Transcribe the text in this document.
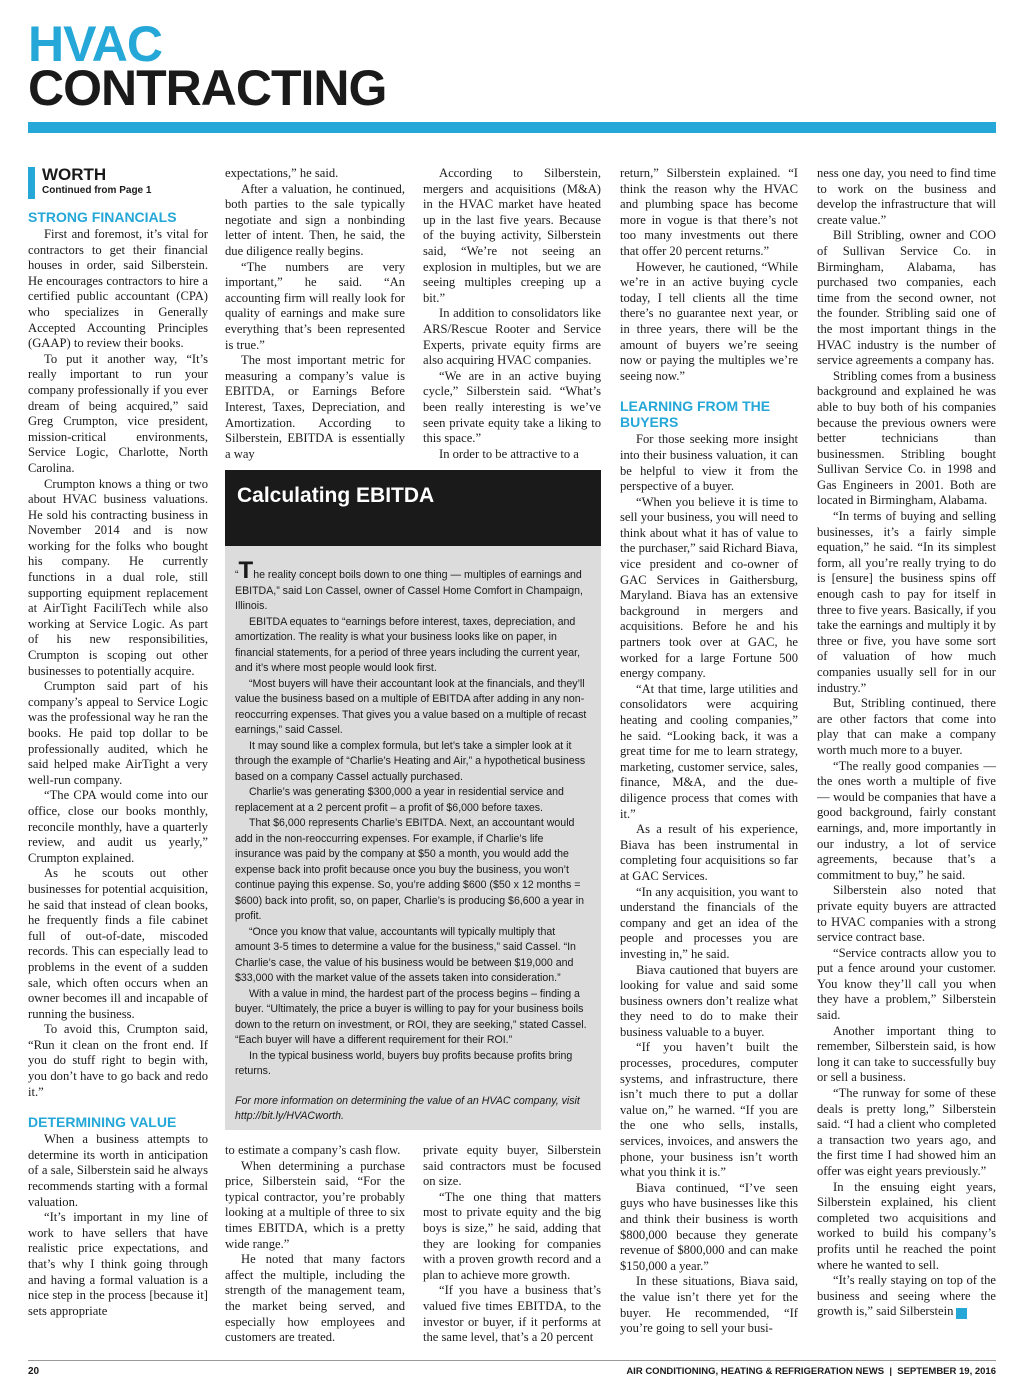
HVAC
CONTRACTING
WORTH
Continued from Page 1
STRONG FINANCIALS

First and foremost, it’s vital for contractors to get their financial houses in order, said Silberstein. He encourages contractors to hire a certified public accountant (CPA) who specializes in Generally Accepted Accounting Principles (GAAP) to review their books.

To put it another way, “It’s really important to run your company professionally if you ever dream of being acquired,” said Greg Crumpton, vice president, mission-critical environments, Service Logic, Charlotte, North Carolina.

Crumpton knows a thing or two about HVAC business valuations. He sold his contracting business in November 2014 and is now working for the folks who bought his company. He currently functions in a dual role, still supporting equipment replacement at AirTight FaciliTech while also working at Service Logic. As part of his new responsibilities, Crumpton is scoping out other businesses to potentially acquire.

Crumpton said part of his company’s appeal to Service Logic was the professional way he ran the books. He paid top dollar to be professionally audited, which he said helped make AirTight a very well-run company.

“The CPA would come into our office, close our books monthly, reconcile monthly, have a quarterly review, and audit us yearly,” Crumpton explained.

As he scouts out other businesses for potential acquisition, he said that instead of clean books, he frequently finds a file cabinet full of out-of-date, miscoded records. This can especially lead to problems in the event of a sudden sale, which often occurs when an owner becomes ill and incapable of running the business.

To avoid this, Crumpton said, “Run it clean on the front end. If you do stuff right to begin with, you don’t have to go back and redo it.”

DETERMINING VALUE

When a business attempts to determine its worth in anticipation of a sale, Silberstein said he always recommends starting with a formal valuation.

“It’s important in my line of work to have sellers that have realistic price expectations, and that’s why I think going through and having a formal valuation is a nice step in the process [because it] sets appropriate

expectations,” he said.

After a valuation, he continued, both parties to the sale typically negotiate and sign a nonbinding letter of intent. Then, he said, the due diligence really begins.

“The numbers are very important,” he said. “An accounting firm will really look for quality of earnings and make sure everything that’s been represented is true.”

The most important metric for measuring a company’s value is EBITDA, or Earnings Before Interest, Taxes, Depreciation, and Amortization. According to Silberstein, EBITDA is essentially a way

According to Silberstein, mergers and acquisitions (M&A) in the HVAC market have heated up in the last five years. Because of the buying activity, Silberstein said, “We’re not seeing an explosion in multiples, but we are seeing multiples creeping up a bit.”

In addition to consolidators like ARS/Rescue Rooter and Service Experts, private equity firms are also acquiring HVAC companies.

“We are in an active buying cycle,” Silberstein said. “What’s been really interesting is we’ve seen private equity take a liking to this space.”

In order to be attractive to a

Calculating EBITDA

“The reality concept boils down to one thing — multiples of earnings and EBITDA,” said Lon Cassel, owner of Cassel Home Comfort in Champaign, Illinois.

EBITDA equates to “earnings before interest, taxes, depreciation, and amortization. The reality is what your business looks like on paper, in financial statements, for a period of three years including the current year, and it’s where most people would look first.

“Most buyers will have their accountant look at the financials, and they’ll value the business based on a multiple of EBITDA after adding in any non-reoccurring expenses. That gives you a value based on a multiple of recast earnings,” said Cassel.

It may sound like a complex formula, but let’s take a simpler look at it through the example of “Charlie’s Heating and Air,” a hypothetical business based on a company Cassel actually purchased.

Charlie’s was generating $300,000 a year in residential service and replacement at a 2 percent profit – a profit of $6,000 before taxes.

That $6,000 represents Charlie’s EBITDA. Next, an accountant would add in the non-reoccurring expenses. For example, if Charlie’s life insurance was paid by the company at $50 a month, you would add the expense back into profit because once you buy the business, you won’t continue paying this expense. So, you’re adding $600 ($50 x 12 months = $600) back into profit, so, on paper, Charlie’s is producing $6,600 a year in profit.

“Once you know that value, accountants will typically multiply that amount 3-5 times to determine a value for the business,” said Cassel. “In Charlie’s case, the value of his business would be between $19,000 and $33,000 with the market value of the assets taken into consideration.”

With a value in mind, the hardest part of the process begins – finding a buyer. “Ultimately, the price a buyer is willing to pay for your business boils down to the return on investment, or ROI, they are seeking,” stated Cassel. “Each buyer will have a different requirement for their ROI.”

In the typical business world, buyers buy profits because profits bring returns.

For more information on determining the value of an HVAC company, visit http://bit.ly/HVACworth.

to estimate a company’s cash flow.

When determining a purchase price, Silberstein said, “For the typical contractor, you’re probably looking at a multiple of three to six times EBITDA, which is a pretty wide range.”

He noted that many factors affect the multiple, including the strength of the management team, the market being served, and especially how employees and customers are treated.

private equity buyer, Silberstein said contractors must be focused on size.

“The one thing that matters most to private equity and the big boys is size,” he said, adding that they are looking for companies with a proven growth record and a plan to achieve more growth.

“If you have a business that’s valued five times EBITDA, to the investor or buyer, if it performs at the same level, that’s a 20 percent

return,” Silberstein explained. “I think the reason why the HVAC and plumbing space has become more in vogue is that there’s not too many investments out there that offer 20 percent returns.”

However, he cautioned, “While we’re in an active buying cycle today, I tell clients all the time there’s no guarantee next year, or in three years, there will be the amount of buyers we’re seeing now or paying the multiples we’re seeing now.”

LEARNING FROM THE BUYERS

For those seeking more insight into their business valuation, it can be helpful to view it from the perspective of a buyer.

“When you believe it is time to sell your business, you will need to think about what it has of value to the purchaser,” said Richard Biava, vice president and co-owner of GAC Services in Gaithersburg, Maryland. Biava has an extensive background in mergers and acquisitions. Before he and his partners took over at GAC, he worked for a large Fortune 500 energy company.

“At that time, large utilities and consolidators were acquiring heating and cooling companies,” he said. “Looking back, it was a great time for me to learn strategy, marketing, customer service, sales, finance, M&A, and the due-diligence process that comes with it.”

As a result of his experience, Biava has been instrumental in completing four acquisitions so far at GAC Services.

“In any acquisition, you want to understand the financials of the company and get an idea of the people and processes you are investing in,” he said.

Biava cautioned that buyers are looking for value and said some business owners don’t realize what they need to do to make their business valuable to a buyer.

“If you haven’t built the processes, procedures, computer systems, and infrastructure, there isn’t much there to put a dollar value on,” he warned. “If you are the one who sells, installs, services, invoices, and answers the phone, your business isn’t worth what you think it is.”

Biava continued, “I’ve seen guys who have businesses like this and think their business is worth $800,000 because they generate revenue of $800,000 and can make $150,000 a year.”

In these situations, Biava said, the value isn’t there yet for the buyer. He recommended, “If you’re going to sell your busi-

ness one day, you need to find time to work on the business and develop the infrastructure that will create value.”

Bill Stribling, owner and COO of Sullivan Service Co. in Birmingham, Alabama, has purchased two companies, each time from the second owner, not the founder. Stribling said one of the most important things in the HVAC industry is the number of service agreements a company has.

Stribling comes from a business background and explained he was able to buy both of his companies because the previous owners were better technicians than businessmen. Stribling bought Sullivan Service Co. in 1998 and Gas Engineers in 2001. Both are located in Birmingham, Alabama.

“In terms of buying and selling businesses, it’s a fairly simple equation,” he said. “In its simplest form, all you’re really trying to do is [ensure] the business spins off enough cash to pay for itself in three to five years. Basically, if you take the earnings and multiply it by three or five, you have some sort of valuation of how much companies usually sell for in our industry.”

But, Stribling continued, there are other factors that come into play that can make a company worth much more to a buyer.

“The really good companies — the ones worth a multiple of five — would be companies that have a good background, fairly constant earnings, and, more importantly in our industry, a lot of service agreements, because that’s a commitment to buy,” he said.

Silberstein also noted that private equity buyers are attracted to HVAC companies with a strong service contract base.

“Service contracts allow you to put a fence around your customer. You know they’ll call you when they have a problem,” Silberstein said.

Another important thing to remember, Silberstein said, is how long it can take to successfully buy or sell a business.

“The runway for some of these deals is pretty long,” Silberstein said. “I had a client who completed a transaction two years ago, and the first time I had showed him an offer was eight years previously.”

In the ensuing eight years, Silberstein explained, his client completed two acquisitions and worked to build his company’s profits until he reached the point where he wanted to sell.

“It’s really staying on top of the business and seeing where the growth is,” said Silberstein N

20	AIR CONDITIONING, HEATING & REFRIGERATION NEWS  |  SEPTEMBER 19, 2016
